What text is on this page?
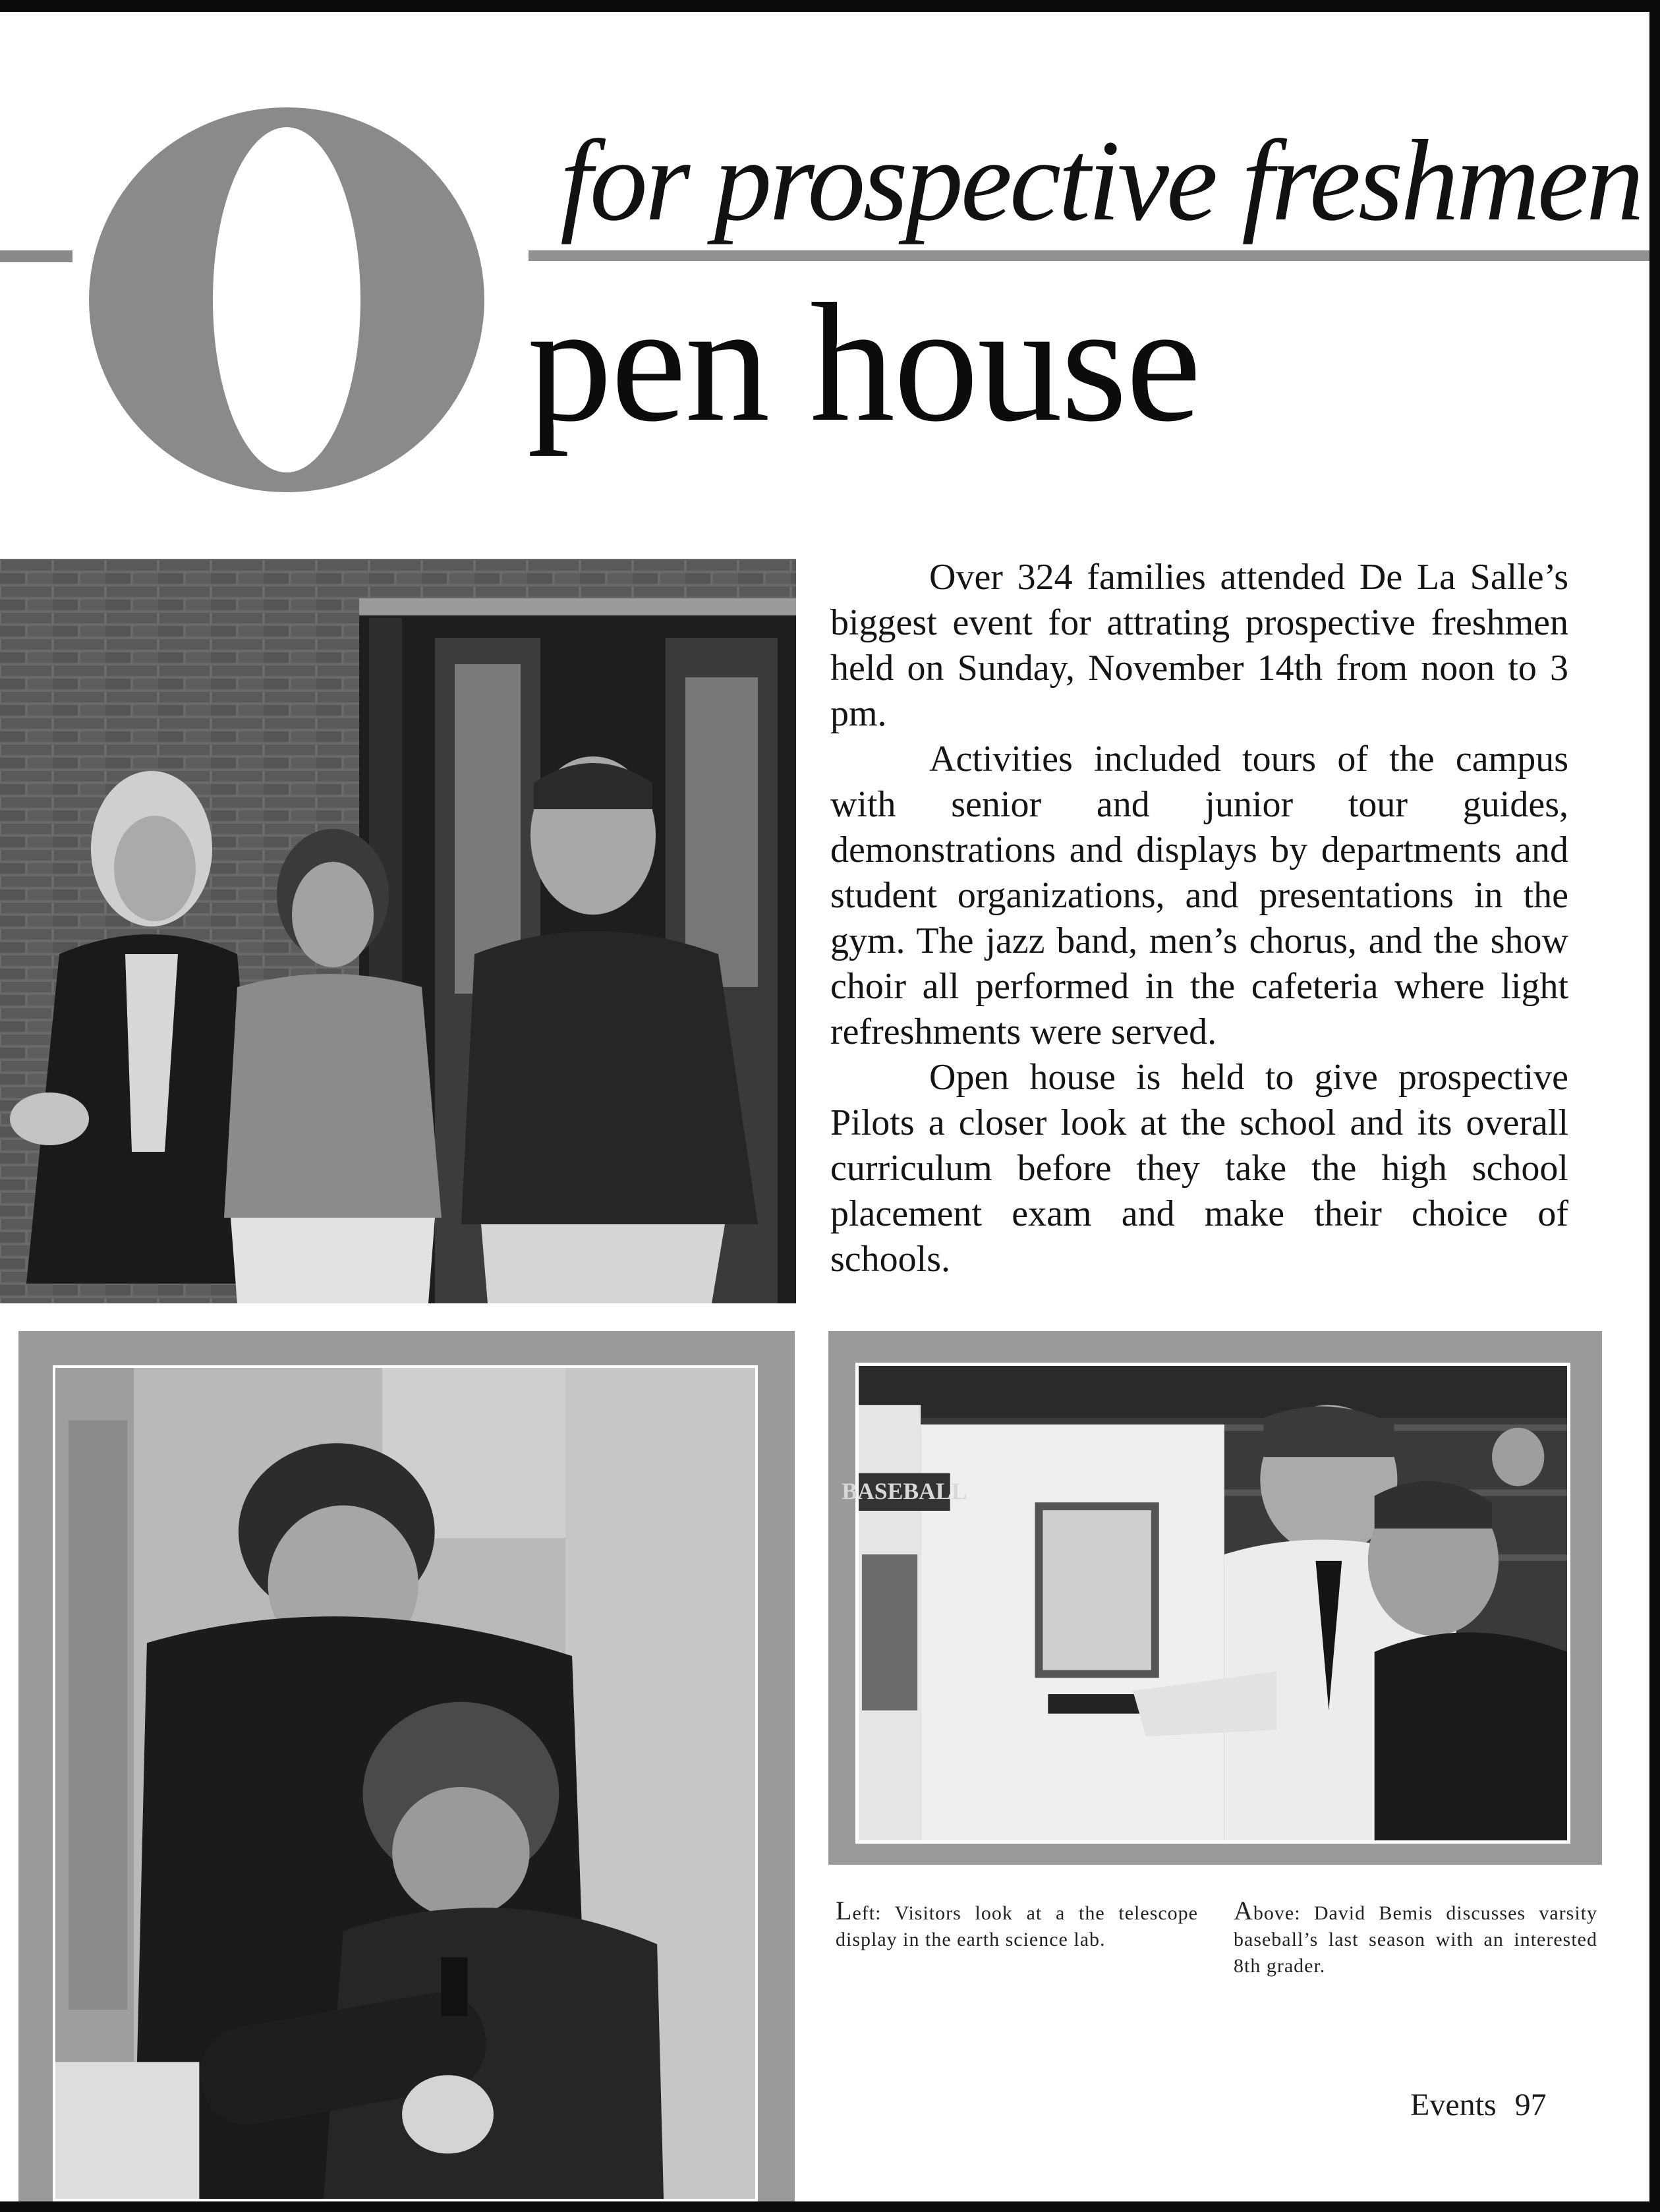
for prospective freshmen
pen house

Over 324 families attended De La Salle’s biggest event for attrating prospective freshmen held on Sunday, November 14th from noon to 3 pm.

Activities included tours of the campus with senior and junior tour guides, demonstrations and displays by departments and student organizations, and presentations in the gym. The jazz band, men’s chorus, and the show choir all performed in the cafeteria where light refreshments were served.

Open house is held to give prospective Pilots a closer look at the school and its overall curriculum before they take the high school placement exam and make their choice of schools.

BASEBALL
Left: Visitors look at a the telescope display in the earth science lab.
Above: David Bemis discusses varsity baseball’s last season with an interested 8th grader.
Events 97
